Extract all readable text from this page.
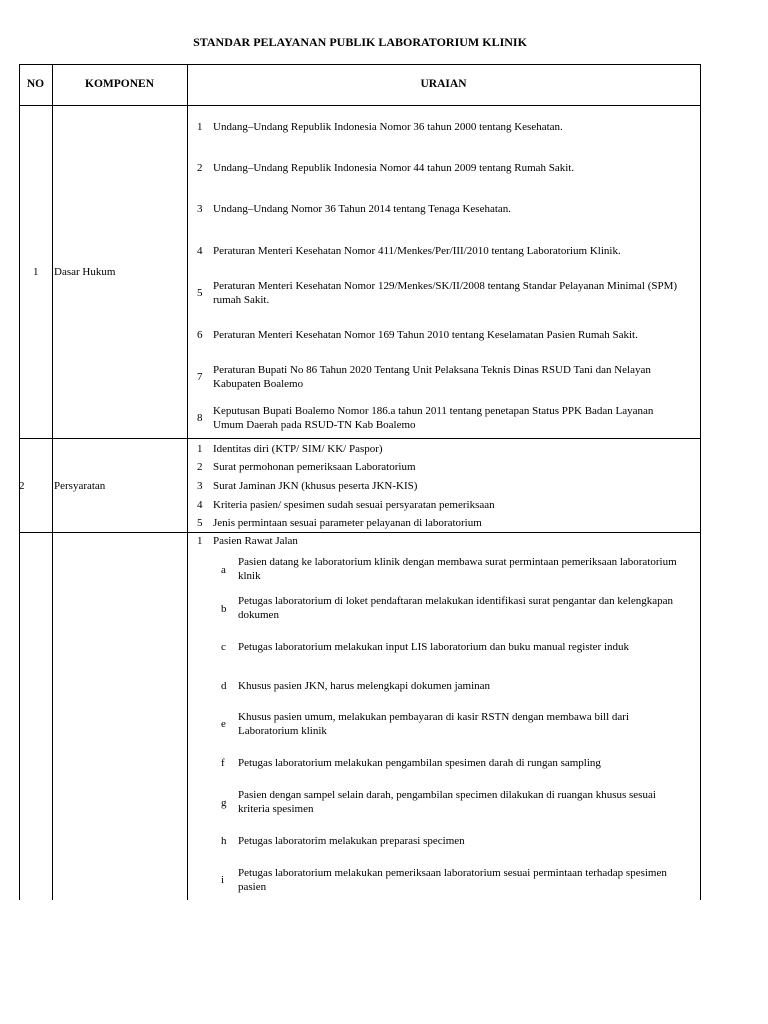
STANDAR PELAYANAN PUBLIK LABORATORIUM KLINIK
NO	KOMPONEN	URAIAN
1 Dasar Hukum
1 Undang–Undang Republik Indonesia Nomor 36 tahun 2000 tentang Kesehatan.
2 Undang–Undang Republik Indonesia Nomor 44 tahun 2009 tentang Rumah Sakit.
3 Undang–Undang Nomor 36 Tahun 2014 tentang Tenaga Kesehatan.
4 Peraturan Menteri Kesehatan Nomor 411/Menkes/Per/III/2010 tentang Laboratorium Klinik.
5
Peraturan Menteri Kesehatan Nomor 129/Menkes/SK/II/2008 tentang Standar Pelayanan Minimal (SPM) rumah Sakit.
6 Peraturan Menteri Kesehatan Nomor 169 Tahun 2010 tentang Keselamatan Pasien Rumah Sakit.
7
Peraturan Bupati No 86 Tahun 2020 Tentang Unit Pelaksana Teknis Dinas RSUD Tani dan Nelayan Kabupaten Boalemo
8
Keputusan Bupati Boalemo Nomor 186.a tahun 2011 tentang penetapan Status PPK Badan Layanan Umum Daerah pada RSUD-TN Kab Boalemo
2	Persyaratan
1 Identitas diri (KTP/ SIM/ KK/ Paspor)
2 Surat permohonan pemeriksaan Laboratorium
3 Surat Jaminan JKN (khusus peserta JKN-KIS)
4 Kriteria pasien/ spesimen sudah sesuai persyaratan pemeriksaan
5 Jenis permintaan sesuai parameter pelayanan di laboratorium
1 Pasien Rawat Jalan
a
Pasien datang ke laboratorium klinik dengan membawa surat permintaan pemeriksaan laboratorium klnik
b
Petugas laboratorium di loket pendaftaran melakukan identifikasi surat pengantar dan kelengkapan dokumen
c Petugas laboratorium melakukan input LIS laboratorium dan buku manual register induk
d Khusus pasien JKN, harus melengkapi dokumen jaminan
e
Khusus pasien umum, melakukan pembayaran di kasir RSTN dengan membawa bill dari Laboratorium klinik
f Petugas laboratorium melakukan pengambilan spesimen darah di rungan sampling
g
Pasien dengan sampel selain darah, pengambilan specimen dilakukan di ruangan khusus sesuai kriteria spesimen
h Petugas laboratorim melakukan preparasi specimen
i
Petugas laboratorium melakukan pemeriksaan laboratorium sesuai permintaan terhadap spesimen pasien
